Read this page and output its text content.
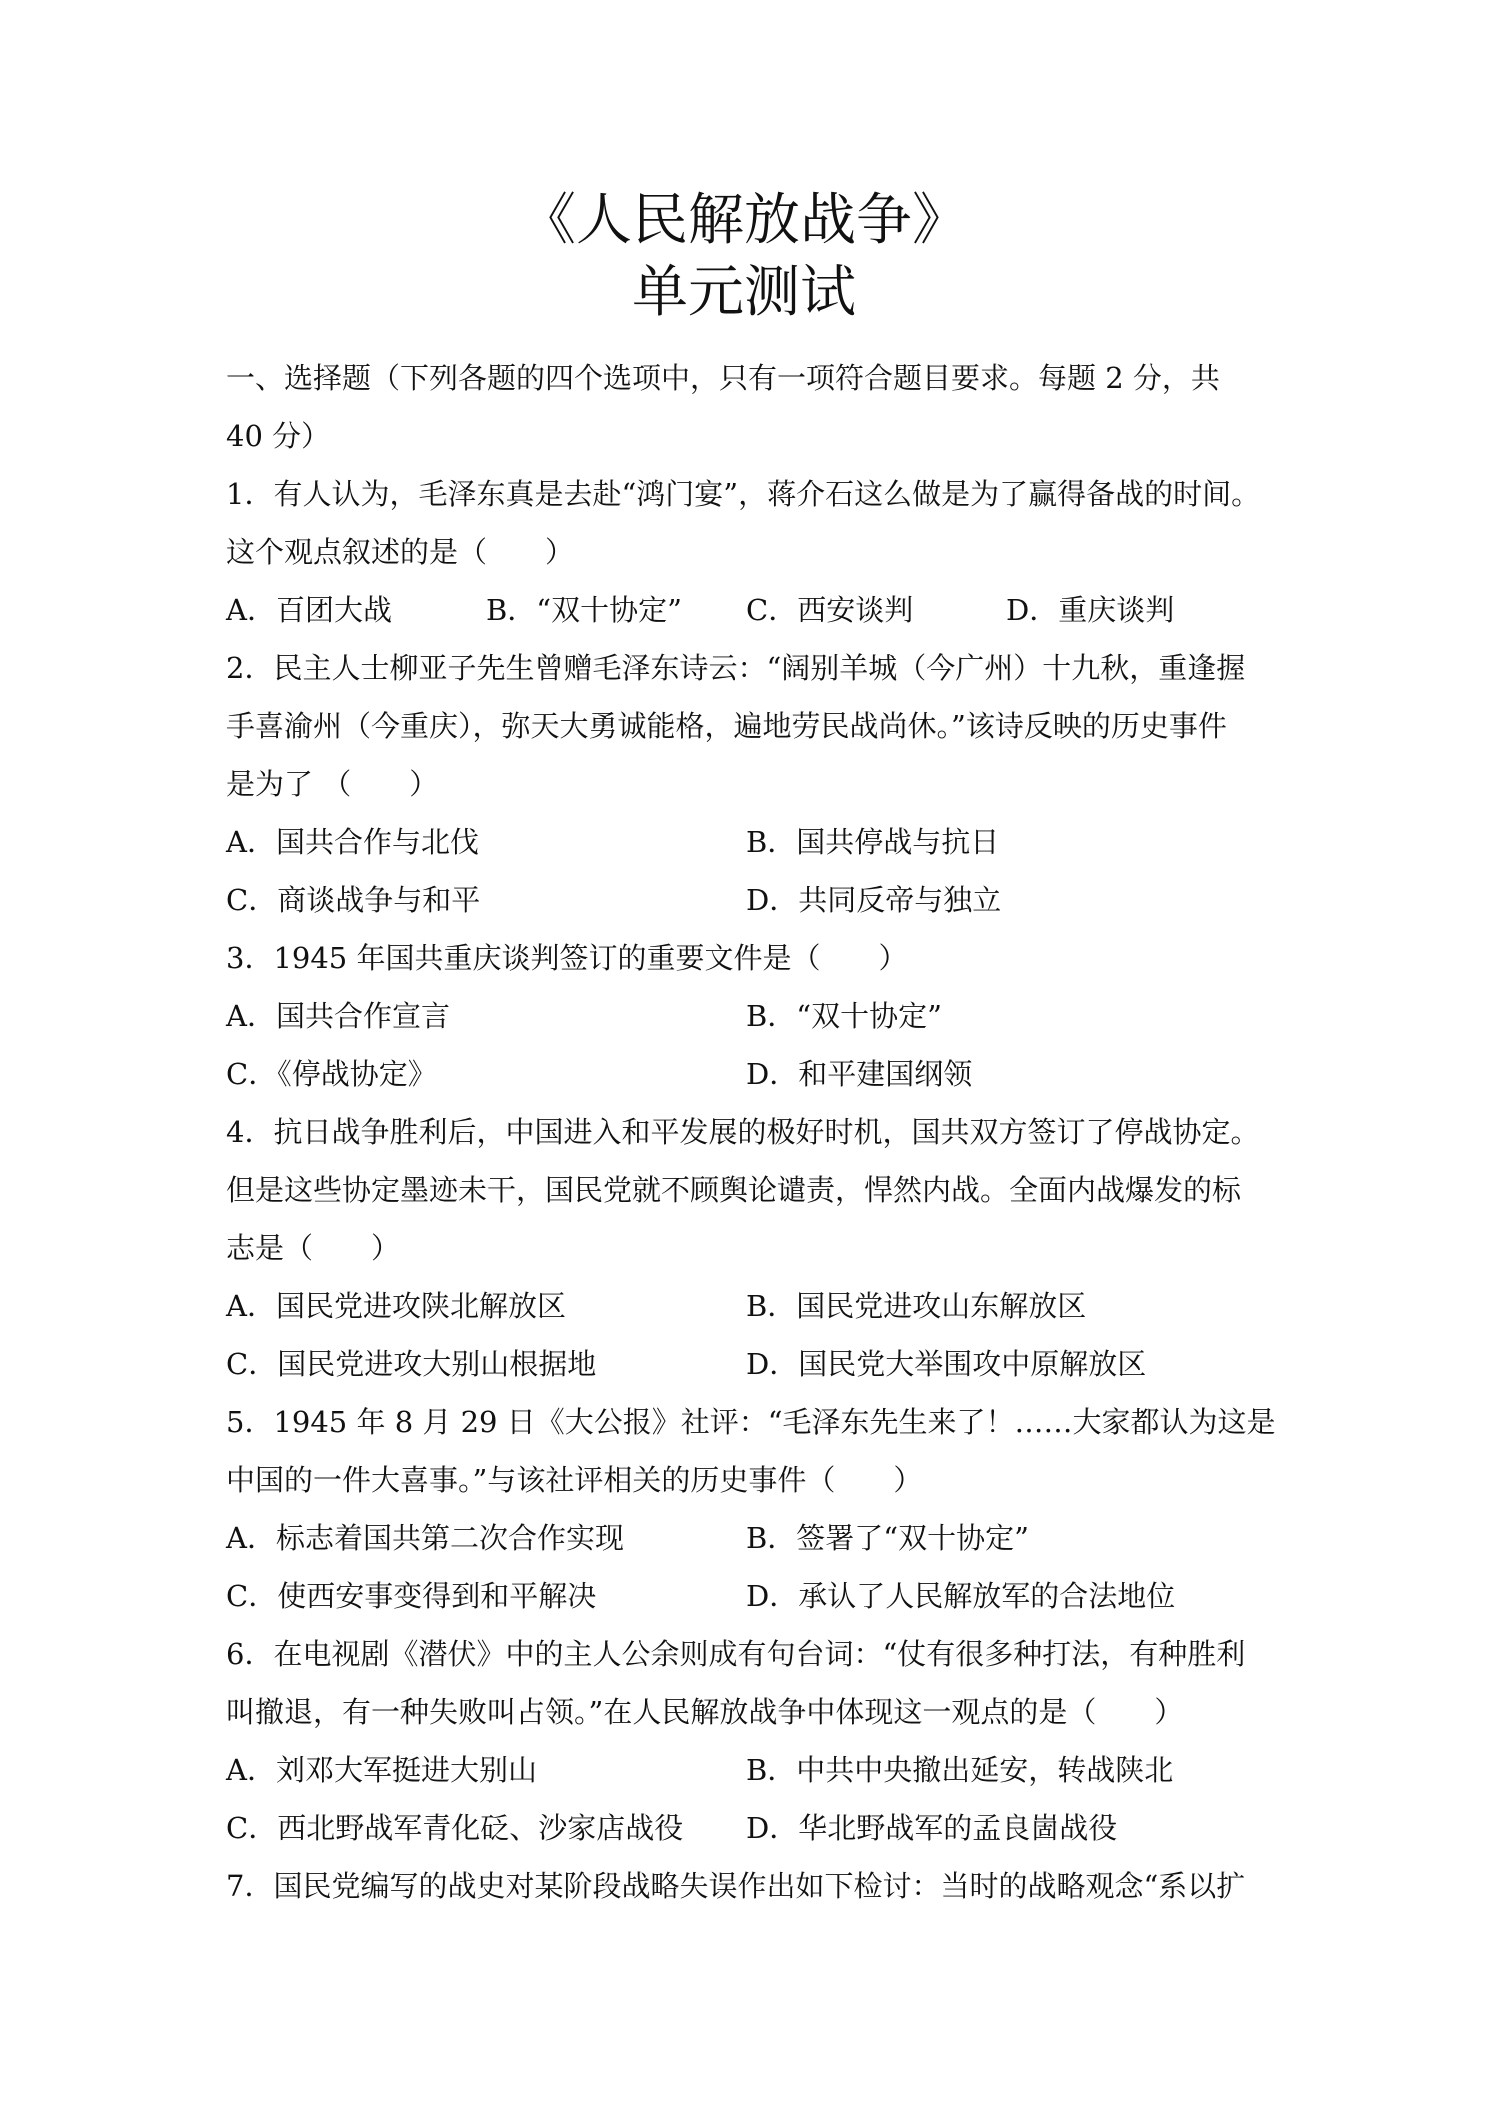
《人民解放战争》
单元测试
一、选择题（下列各题的四个选项中，只有一项符合题目要求。每题 2 分，共
40 分）
1．有人认为，毛泽东真是去赴“鸿门宴”，蒋介石这么做是为了赢得备战的时间。
这个观点叙述的是（　　）
A．百团大战	B．“双十协定” C．西安谈判	D．重庆谈判
2．民主人士柳亚子先生曾赠毛泽东诗云：“阔别羊城（今广州）十九秋，重逢握
手喜渝州（今重庆），弥天大勇诚能格，遍地劳民战尚休。”该诗反映的历史事件
是为了 （　　）
A．国共合作与北伐	B．国共停战与抗日
C．商谈战争与和平	D．共同反帝与独立
3．1945 年国共重庆谈判签订的重要文件是（　　）
A．国共合作宣言	B．“双十协定”
C．《停战协定》	D．和平建国纲领
4．抗日战争胜利后，中国进入和平发展的极好时机，国共双方签订了停战协定。
但是这些协定墨迹未干，国民党就不顾舆论谴责，悍然内战。全面内战爆发的标
志是（　　）
A．国民党进攻陕北解放区	B．国民党进攻山东解放区
C．国民党进攻大别山根据地	D．国民党大举围攻中原解放区
5．1945 年 8 月 29 日《大公报》社评：“毛泽东先生来了！……大家都认为这是
中国的一件大喜事。”与该社评相关的历史事件（　　）
A．标志着国共第二次合作实现	B．签署了“双十协定”
C．使西安事变得到和平解决	D．承认了人民解放军的合法地位
6．在电视剧《潜伏》中的主人公余则成有句台词：“仗有很多种打法，有种胜利
叫撤退，有一种失败叫占领。”在人民解放战争中体现这一观点的是（　　）
A．刘邓大军挺进大别山	B．中共中央撤出延安，转战陕北
C．西北野战军青化砭、沙家店战役 D．华北野战军的孟良崮战役
7．国民党编写的战史对某阶段战略失误作出如下检讨：当时的战略观念“系以扩
